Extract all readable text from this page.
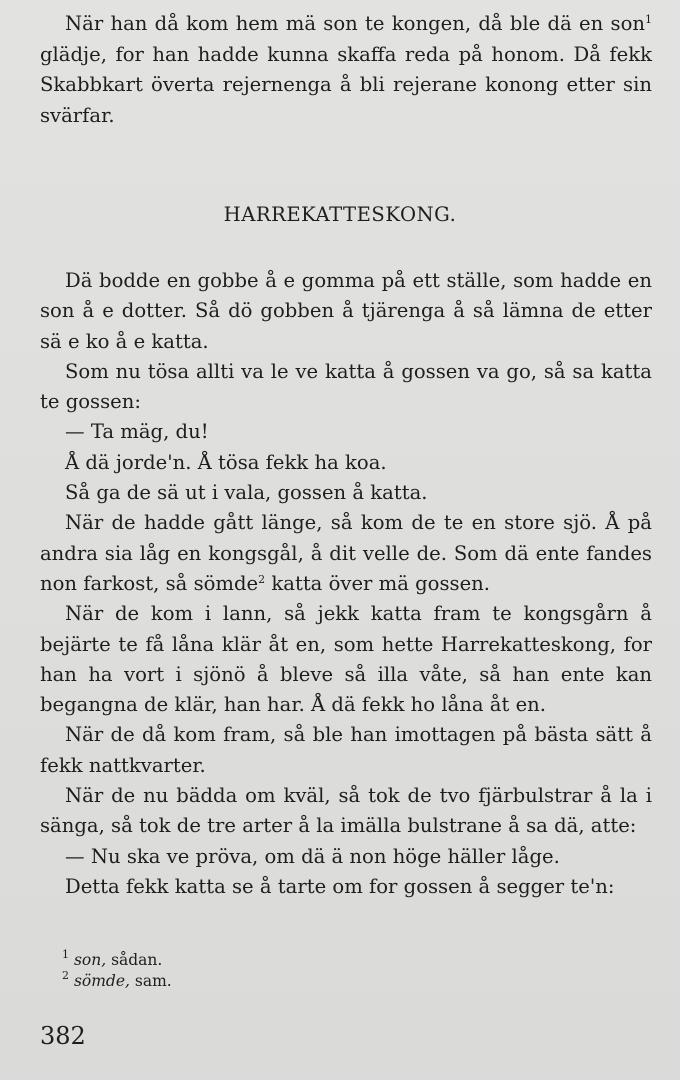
När han då kom hem mä son te kongen, då ble dä en son$^1$ glädje, for han hadde kunna skaffa reda på honom. Då fekk Skabbkart överta rejernenga å bli rejerane konong etter sin svärfar.

HARREKATTESKONG.

Dä bodde en gobbe å e gomma på ett ställe, som hadde en son å e dotter. Så dö gobben å tjärenga å så lämna de etter sä e ko å e katta.

Som nu tösa allti va le ve katta å gossen va go, så sa katta te gossen:

— Ta mäg, du!

Å dä jorde'n. Å tösa fekk ha koa.

Så ga de sä ut i vala, gossen å katta.

När de hadde gått länge, så kom de te en store sjö. Å på andra sia låg en kongsgål, å dit velle de. Som dä ente fandes non farkost, så sömde$^2$ katta över mä gossen.

När de kom i lann, så jekk katta fram te kongsgårn å bejärte te få låna klär åt en, som hette Harrekatteskong, for han ha vort i sjönö å bleve så illa våte, så han ente kan begangna de klär, han har. Å dä fekk ho låna åt en.

När de då kom fram, så ble han imottagen på bästa sätt å fekk nattkvarter.

När de nu bädda om kväl, så tok de tvo fjärbulstrar å la i sänga, så tok de tre arter å la imälla bulstrane å sa dä, atte:

— Nu ska ve pröva, om dä ä non höge häller låge.

Detta fekk katta se å tarte om for gossen å segger te'n:

$^1$ son, sådan.
$^2$ sömde, sam.
382
